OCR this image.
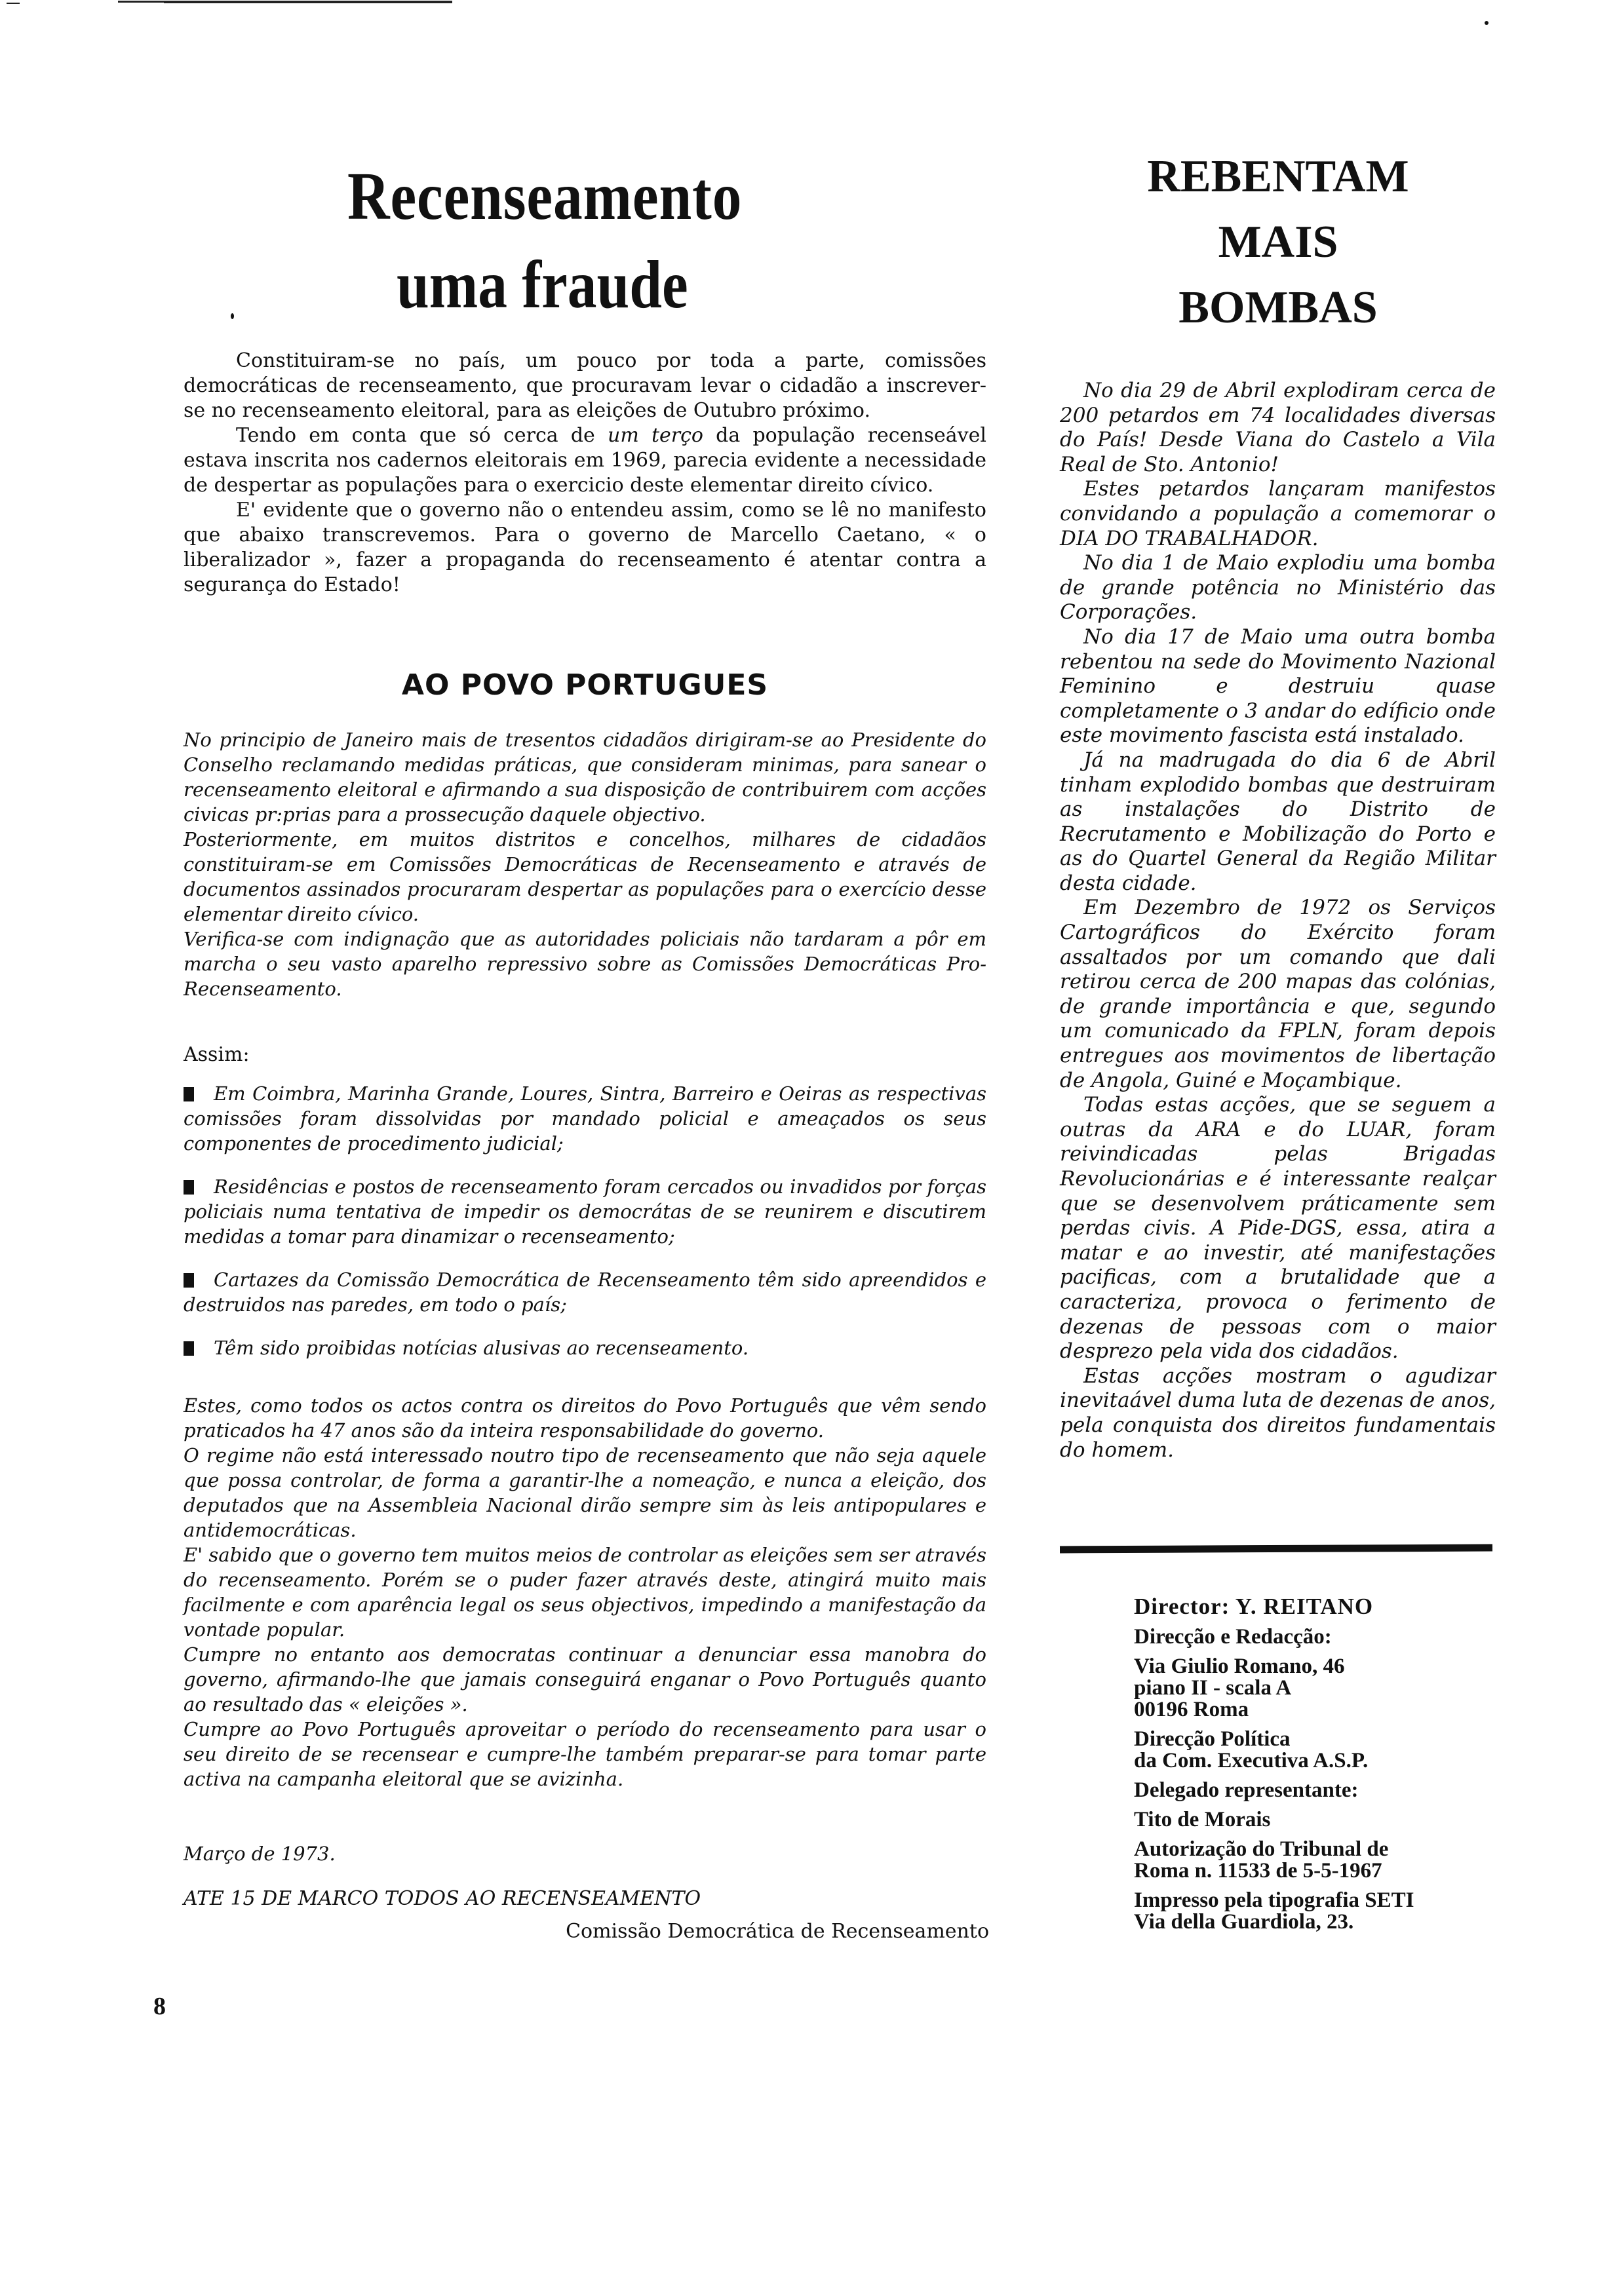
Recenseamento
uma fraude

Constituiram-se no país, um pouco por toda a parte, comissões democráticas de recenseamento, que procuravam levar o cidadão a inscrever-se no recenseamento eleitoral, para as eleições de Outubro próximo.

Tendo em conta que só cerca de um terço da população recenseável estava inscrita nos cadernos eleitorais em 1969, parecia evidente a necessidade de despertar as populações para o exercicio deste elementar direito cívico.

E' evidente que o governo não o entendeu assim, como se lê no manifesto que abaixo transcrevemos. Para o governo de Marcello Caetano, « o liberalizador », fazer a propaganda do recenseamento é atentar contra a segurança do Estado!

AO POVO PORTUGUES

No principio de Janeiro mais de tresentos cidadãos dirigiram-se ao Presidente do Conselho reclamando medidas práticas, que consideram minimas, para sanear o recenseamento eleitoral e afirmando a sua disposição de contribuirem com acções civicas pr:prias para a prossecução daquele objectivo.

Posteriormente, em muitos distritos e concelhos, milhares de cidadãos constituiram-se em Comissões Democráticas de Recenseamento e através de documentos assinados procuraram despertar as populações para o exercício desse elementar direito cívico.

Verifica-se com indignação que as autoridades policiais não tardaram a pôr em marcha o seu vasto aparelho repressivo sobre as Comissões Democráticas Pro-Recenseamento.

Assim:

Em Coimbra, Marinha Grande, Loures, Sintra, Barreiro e Oeiras as respectivas comissões foram dissolvidas por mandado policial e ameaçados os seus componentes de procedimento judicial;
Residências e postos de recenseamento foram cercados ou invadidos por forças policiais numa tentativa de impedir os democrátas de se reunirem e discutirem medidas a tomar para dinamizar o recenseamento;
Cartazes da Comissão Democrática de Recenseamento têm sido apreendidos e destruidos nas paredes, em todo o país;
Têm sido proibidas notícias alusivas ao recenseamento.

Estes, como todos os actos contra os direitos do Povo Português que vêm sendo praticados ha 47 anos são da inteira responsabilidade do governo.

O regime não está interessado noutro tipo de recenseamento que não seja aquele que possa controlar, de forma a garantir-lhe a nomeação, e nunca a eleição, dos deputados que na Assembleia Nacional dirão sempre sim às leis antipopulares e antidemocráticas.

E' sabido que o governo tem muitos meios de controlar as eleições sem ser através do recenseamento. Porém se o puder fazer através deste, atingirá muito mais facilmente e com aparência legal os seus objectivos, impedindo a manifestação da vontade popular.

Cumpre no entanto aos democratas continuar a denunciar essa manobra do governo, afirmando-lhe que jamais conseguirá enganar o Povo Português quanto ao resultado das « eleições ».

Cumpre ao Povo Português aproveitar o período do recenseamento para usar o seu direito de se recensear e cumpre-lhe também preparar-se para tomar parte activa na campanha eleitoral que se avizinha.

Março de 1973.

ATE 15 DE MARCO TODOS AO RECENSEAMENTO

Comissão Democrática de Recenseamento

REBENTAM
MAIS
BOMBAS

No dia 29 de Abril explodiram cerca de 200 petardos em 74 localidades diversas do País! Desde Viana do Castelo a Vila Real de Sto. Antonio!

Estes petardos lançaram manifestos convidando a população a comemorar o DIA DO TRABALHADOR.

No dia 1 de Maio explodiu uma bomba de grande potência no Ministério das Corporações.

No dia 17 de Maio uma outra bomba rebentou na sede do Movimento Nazional Feminino e destruiu quase completamente o 3 andar do edíficio onde este movimento fascista está instalado.

Já na madrugada do dia 6 de Abril tinham explodido bombas que destruiram as instalações do Distrito de Recrutamento e Mobilização do Porto e as do Quartel General da Região Militar desta cidade.

Em Dezembro de 1972 os Serviços Cartográficos do Exército foram assaltados por um comando que dali retirou cerca de 200 mapas das colónias, de grande importância e que, segundo um comunicado da FPLN, foram depois entregues aos movimentos de libertação de Angola, Guiné e Moçambique.

Todas estas acções, que se seguem a outras da ARA e do LUAR, foram reivindicadas pelas Brigadas Revolucionárias e é interessante realçar que se desenvolvem práticamente sem perdas civis. A Pide-DGS, essa, atira a matar e ao investir, até manifestações pacificas, com a brutalidade que a caracteriza, provoca o ferimento de dezenas de pessoas com o maior desprezo pela vida dos cidadãos.

Estas acções mostram o agudizar inevitaável duma luta de dezenas de anos, pela conquista dos direitos fundamentais do homem.

Director: Y. REITANO
Direcção e Redacção:
Via Giulio Romano, 46
piano II - scala A
00196 Roma
Direcção Política
da Com. Executiva A.S.P.
Delegado representante:
Tito de Morais
Autorização do Tribunal de
Roma n. 11533 de 5-5-1967
Impresso pela tipografia SETI
Via della Guardiola, 23.

8
